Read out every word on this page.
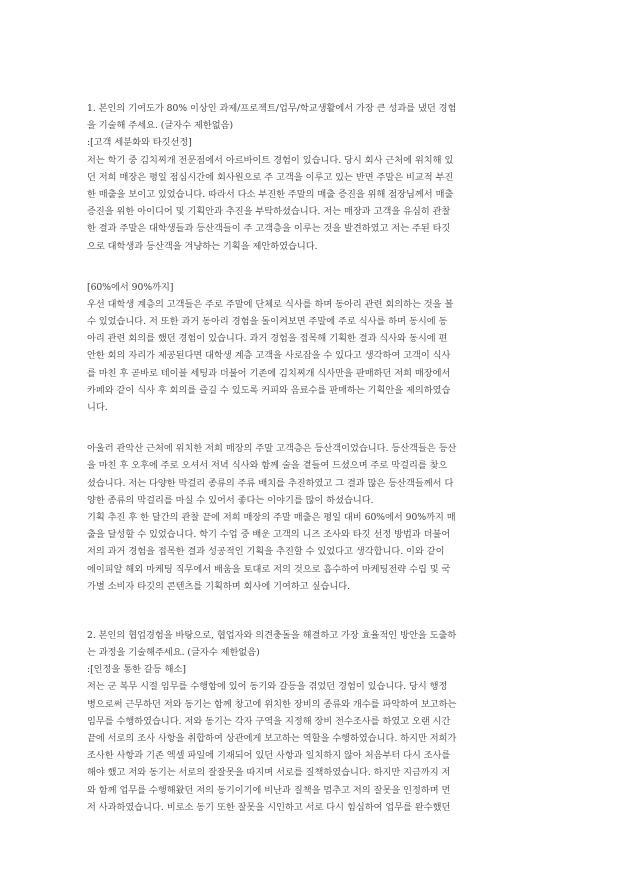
1. 본인의 기여도가 80% 이상인 과제/프로젝트/업무/학교생활에서 가장 큰 성과를 냈던 경험
을 기술해 주세요. (글자수 제한없음)
:[고객 세분화와 타깃선정]
저는 학기 중 김치찌개 전문점에서 아르바이트 경험이 있습니다. 당시 회사 근처에 위치해 있
던 저희 매장은 평일 점심시간에 회사원으로 주 고객을 이루고 있는 반면 주말은 비교적 부진
한 매출을 보이고 있었습니다. 따라서 다소 부진한 주말의 매출 증진을 위해 점장님께서 매출
증진을 위한 아이디어 및 기획안과 추진을 부탁하셨습니다. 저는 매장과 고객을 유심히 관찰
한 결과 주말은 대학생들과 등산객들이 주 고객층을 이루는 것을 발견하였고 저는 주된 타깃
으로 대학생과 등산객을 겨냥하는 기획을 제안하였습니다.
[60%에서 90%까지]
우선 대학생 계층의 고객들은 주로 주말에 단체로 식사를 하며 동아리 관련 회의하는 것을 볼
수 있었습니다. 저 또한 과거 동아리 경험을 돌이켜보면 주말에 주로 식사를 하며 동시에 동
아리 관련 회의를 했던 경험이 있습니다. 과거 경험을 접목해 기획한 결과 식사와 동시에 편
안한 회의 자리가 제공된다면 대학생 계층 고객을 사로잡을 수 있다고 생각하여 고객이 식사
를 마친 후 곧바로 테이블 세팅과 더불어 기존에 김치찌개 식사만을 판매하던 저희 매장에서
카페와 같이 식사 후 회의를 즐길 수 있도록 커피와 음료수를 판매하는 기획안을 제의하였습
니다.
아울러 관악산 근처에 위치한 저희 매장의 주말 고객층은 등산객이었습니다. 등산객들은 등산
을 마친 후 오후에 주로 오셔서 저녁 식사와 함께 술을 곁들여 드셨으며 주로 막걸리를 찾으
셨습니다. 저는 다양한 막걸리 종류의 주류 배치를 추진하였고 그 결과 많은 등산객들께서 다
양한 종류의 막걸리를 마실 수 있어서 좋다는 이야기를 많이 하셨습니다.
기획 추진 후 한 달간의 관찰 끝에 저희 매장의 주말 매출은 평일 대비 60%에서 90%까지 매
출을 달성할 수 있었습니다. 학기 수업 중 배운 고객의 니즈 조사와 타깃 선정 방법과 더불어
저의 과거 경험을 접목한 결과 성공적인 기획을 추진할 수 있었다고 생각합니다. 이와 같이
에이피알 해외 마케팅 직무에서 배움을 토대로 저의 것으로 흡수하여 마케팅전략 수립 및 국
가별 소비자 타깃의 콘텐츠를 기획하며 회사에 기여하고 싶습니다.
2. 본인의 협업경험을 바탕으로, 협업자와 의견충돌을 해결하고 가장 효율적인 방안을 도출하
는 과정을 기술해주세요. (글자수 제한없음)
:[인정을 통한 갈등 해소]
저는 군 복무 시절 임무를 수행함에 있어 동기와 갈등을 겪었던 경험이 있습니다. 당시 행정
병으로써 근무하던 저와 동기는 함께 창고에 위치한 장비의 종류와 개수를 파악하여 보고하는
임무를 수행하였습니다. 저와 동기는 각자 구역을 지정해 장비 전수조사를 하였고 오랜 시간
끝에 서로의 조사 사항을 취합하여 상관에게 보고하는 역할을 수행하였습니다. 하지만 저희가
조사한 사항과 기존 엑셀 파일에 기재되어 있던 사항과 일치하지 않아 처음부터 다시 조사를
해야 했고 저와 동기는 서로의 잘잘못을 따지며 서로를 질책하였습니다. 하지만 지금까지 저
와 함께 업무를 수행해왔던 저의 동기이기에 비난과 질책을 멈추고 저의 잘못을 인정하며 먼
저 사과하였습니다. 비로소 동기 또한 잘못을 시인하고 서로 다시 힘심하여 업무를 완수했던
